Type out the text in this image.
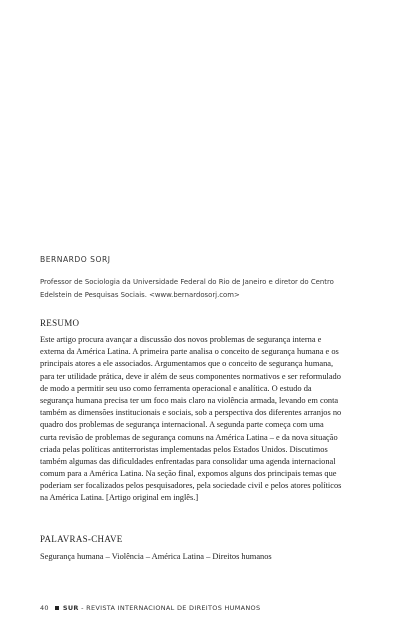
BERNARDO SORJ
Professor de Sociologia da Universidade Federal do Rio de Janeiro e diretor do Centro
Edelstein de Pesquisas Sociais. <www.bernardosorj.com>
RESUMO
Este artigo procura avançar a discussão dos novos problemas de segurança interna e
externa da América Latina. A primeira parte analisa o conceito de segurança humana e os
principais atores a ele associados. Argumentamos que o conceito de segurança humana,
para ter utilidade prática, deve ir além de seus componentes normativos e ser reformulado
de modo a permitir seu uso como ferramenta operacional e analítica. O estudo da
segurança humana precisa ter um foco mais claro na violência armada, levando em conta
também as dimensões institucionais e sociais, sob a perspectiva dos diferentes arranjos no
quadro dos problemas de segurança internacional. A segunda parte começa com uma
curta revisão de problemas de segurança comuns na América Latina – e da nova situação
criada pelas políticas antiterroristas implementadas pelos Estados Unidos. Discutimos
também algumas das dificuldades enfrentadas para consolidar uma agenda internacional
comum para a América Latina. Na seção final, expomos alguns dos principais temas que
poderiam ser focalizados pelos pesquisadores, pela sociedade civil e pelos atores políticos
na América Latina. [Artigo original em inglês.]
PALAVRAS-CHAVE
Segurança humana – Violência – América Latina – Direitos humanos
40 SUR
- REVISTA INTERNACIONAL DE DIREITOS HUMANOS
